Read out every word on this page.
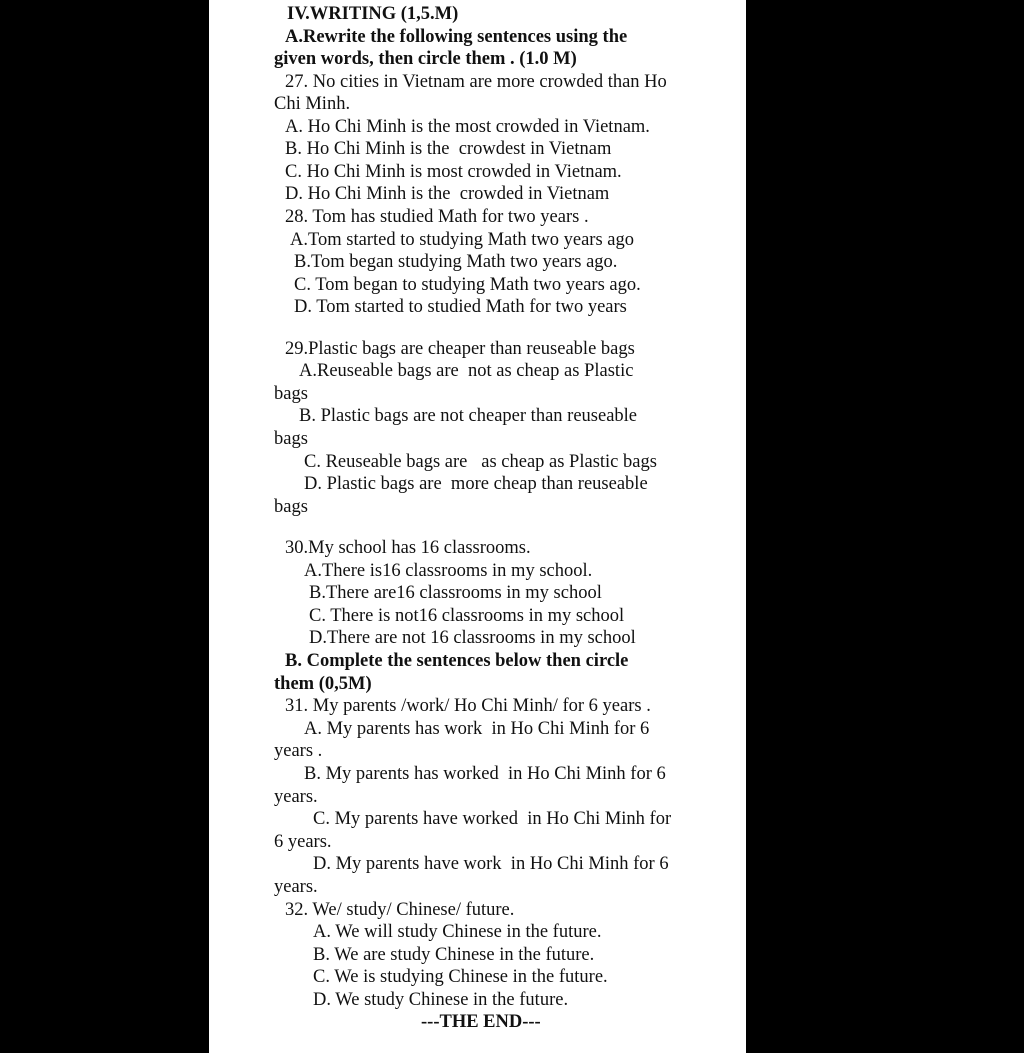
IV.WRITING (1,5.M)
A.Rewrite the following sentences using the
given words, then circle them . (1.0 M)
27. No cities in Vietnam are more crowded than Ho
Chi Minh.
A. Ho Chi Minh is the most crowded in Vietnam.
B. Ho Chi Minh is the  crowdest in Vietnam
C. Ho Chi Minh is most crowded in Vietnam.
D. Ho Chi Minh is the  crowded in Vietnam
28. Tom has studied Math for two years .
A.Tom started to studying Math two years ago
B.Tom began studying Math two years ago.
C. Tom began to studying Math two years ago.
D. Tom started to studied Math for two years
29.Plastic bags are cheaper than reuseable bags
A.Reuseable bags are  not as cheap as Plastic
bags
B. Plastic bags are not cheaper than reuseable
bags
C. Reuseable bags are   as cheap as Plastic bags
D. Plastic bags are  more cheap than reuseable
bags
30.My school has 16 classrooms.
A.There is16 classrooms in my school.
B.There are16 classrooms in my school
C. There is not16 classrooms in my school
D.There are not 16 classrooms in my school
B. Complete the sentences below then circle
them (0,5M)
31. My parents /work/ Ho Chi Minh/ for 6 years .
A. My parents has work  in Ho Chi Minh for 6
years .
B. My parents has worked  in Ho Chi Minh for 6
years.
C. My parents have worked  in Ho Chi Minh for
6 years.
D. My parents have work  in Ho Chi Minh for 6
years.
32. We/ study/ Chinese/ future.
A. We will study Chinese in the future.
B. We are study Chinese in the future.
C. We is studying Chinese in the future.
D. We study Chinese in the future.
---THE END---
